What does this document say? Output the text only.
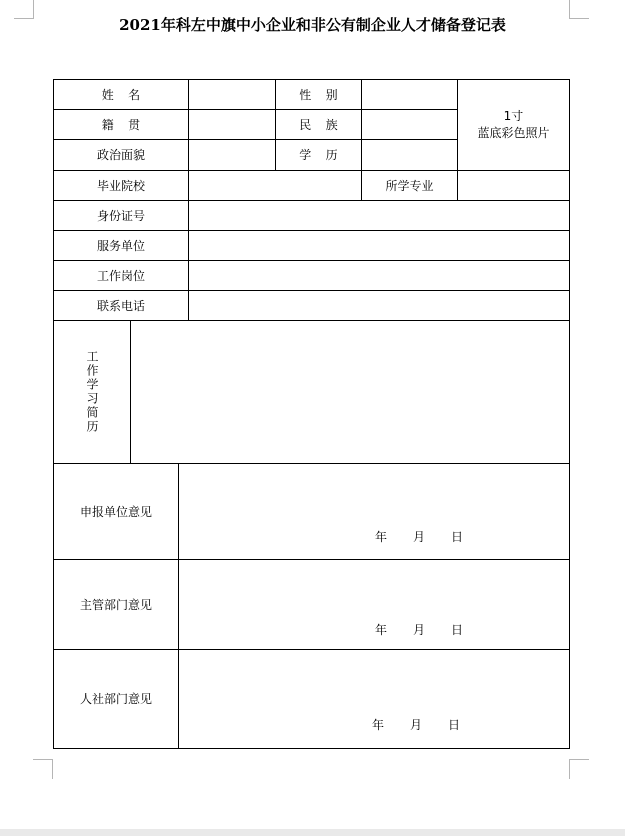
2021年科左中旗中小企业和非公有制企业人才储备登记表
姓名	性别
1寸
蓝底彩色照片
籍贯	民族
政治面貌	学历
毕业院校	所学专业
身份证号
服务单位
工作岗位
联系电话
工作学习简历
申报单位意见
年 月 日
主管部门意见
年 月 日
人社部门意见
年 月 日
